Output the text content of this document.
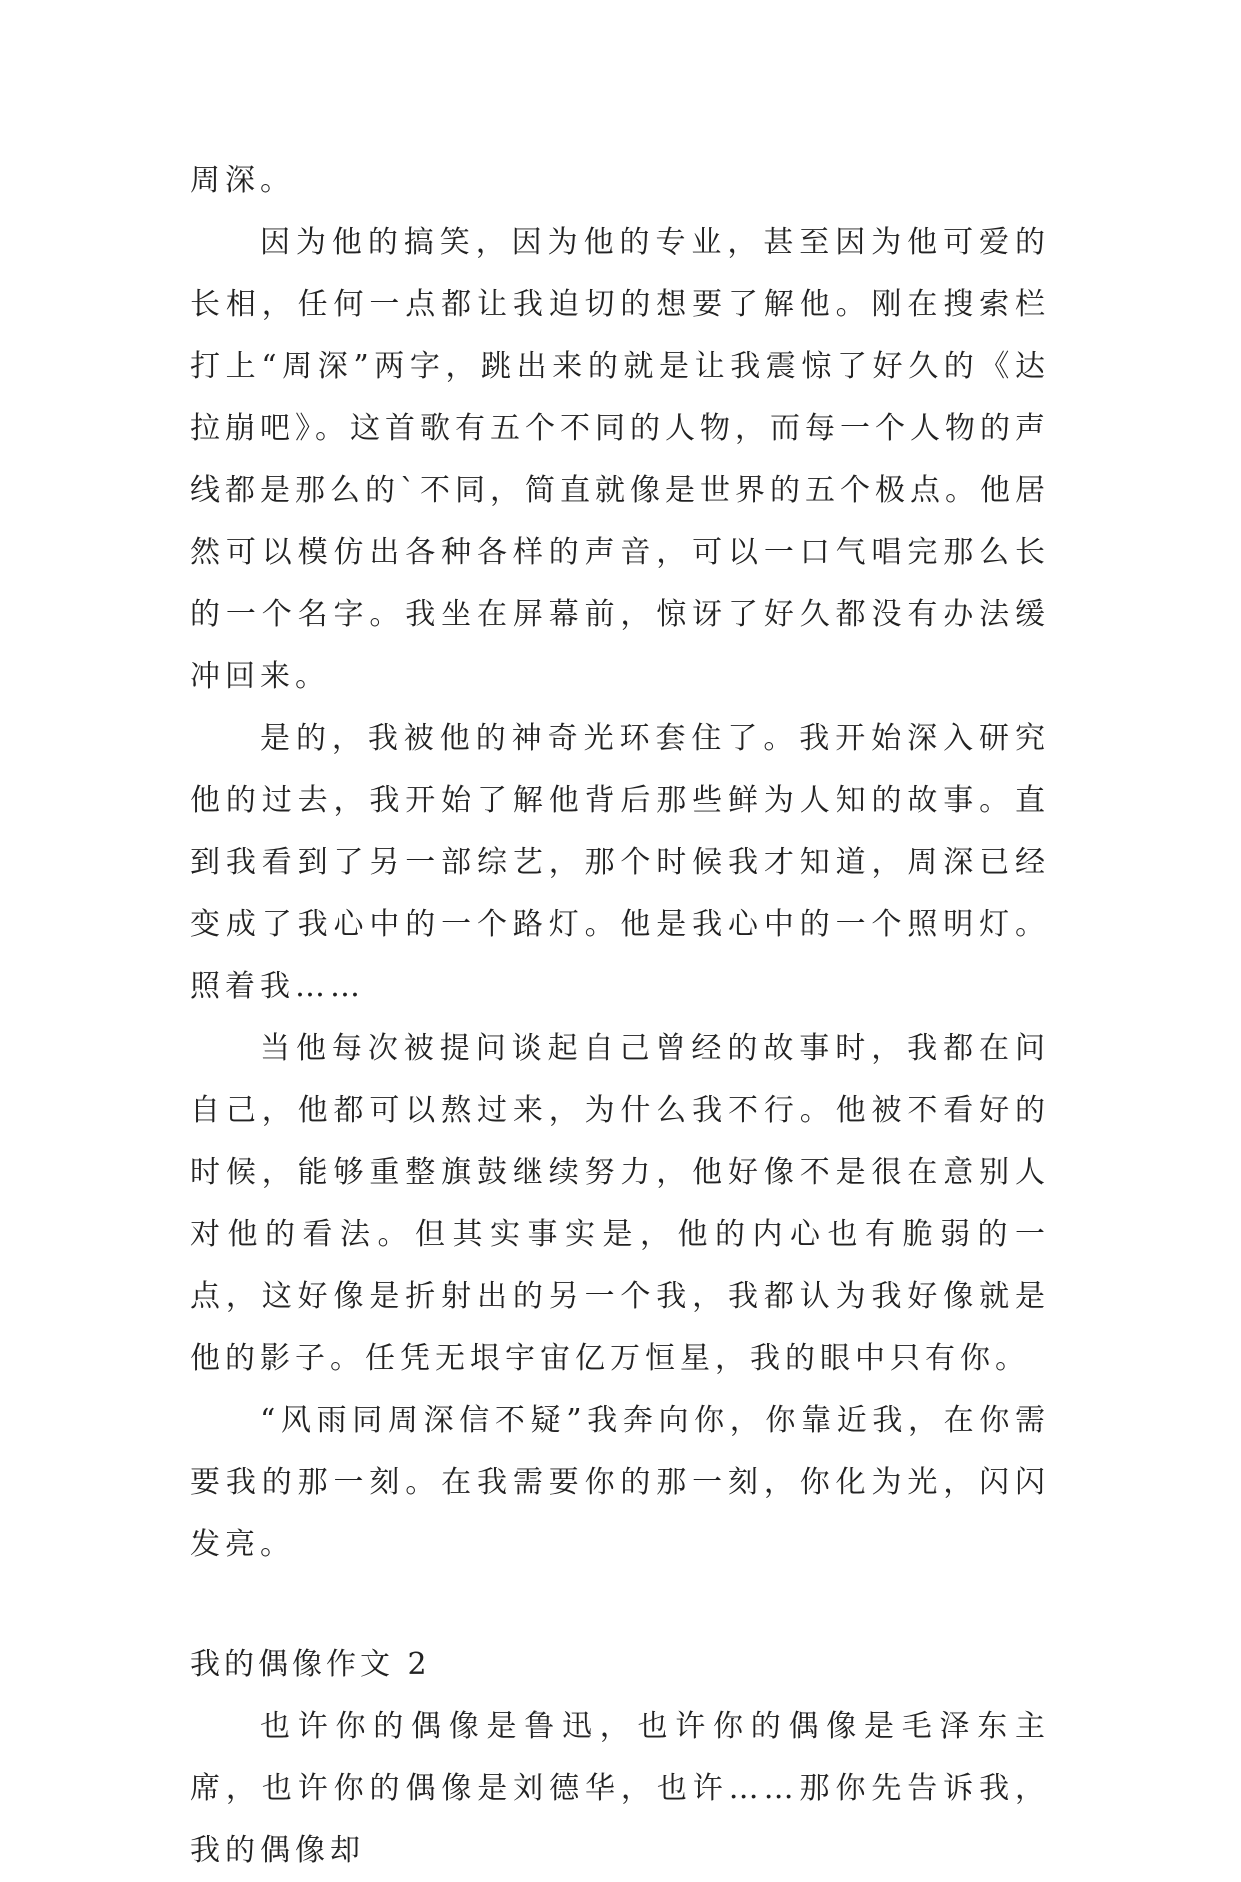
周深。

因为他的搞笑，因为他的专业，甚至因为他可爱的长相，任何一点都让我迫切的想要了解他。刚在搜索栏打上“周深”两字，跳出来的就是让我震惊了好久的《达拉崩吧》。这首歌有五个不同的人物，而每一个人物的声线都是那么的`不同，简直就像是世界的五个极点。他居然可以模仿出各种各样的声音，可以一口气唱完那么长的一个名字。我坐在屏幕前，惊讶了好久都没有办法缓冲回来。

是的，我被他的神奇光环套住了。我开始深入研究他的过去，我开始了解他背后那些鲜为人知的故事。直到我看到了另一部综艺，那个时候我才知道，周深已经变成了我心中的一个路灯。他是我心中的一个照明灯。照着我……

当他每次被提问谈起自己曾经的故事时，我都在问自己，他都可以熬过来，为什么我不行。他被不看好的时候，能够重整旗鼓继续努力，他好像不是很在意别人对他的看法。但其实事实是，他的内心也有脆弱的一点，这好像是折射出的另一个我，我都认为我好像就是他的影子。任凭无垠宇宙亿万恒星，我的眼中只有你。

“风雨同周深信不疑”我奔向你，你靠近我，在你需要我的那一刻。在我需要你的那一刻，你化为光，闪闪发亮。

我的偶像作文 2

也许你的偶像是鲁迅，也许你的偶像是毛泽东主席，也许你的偶像是刘德华，也许……那你先告诉我，我的偶像却
